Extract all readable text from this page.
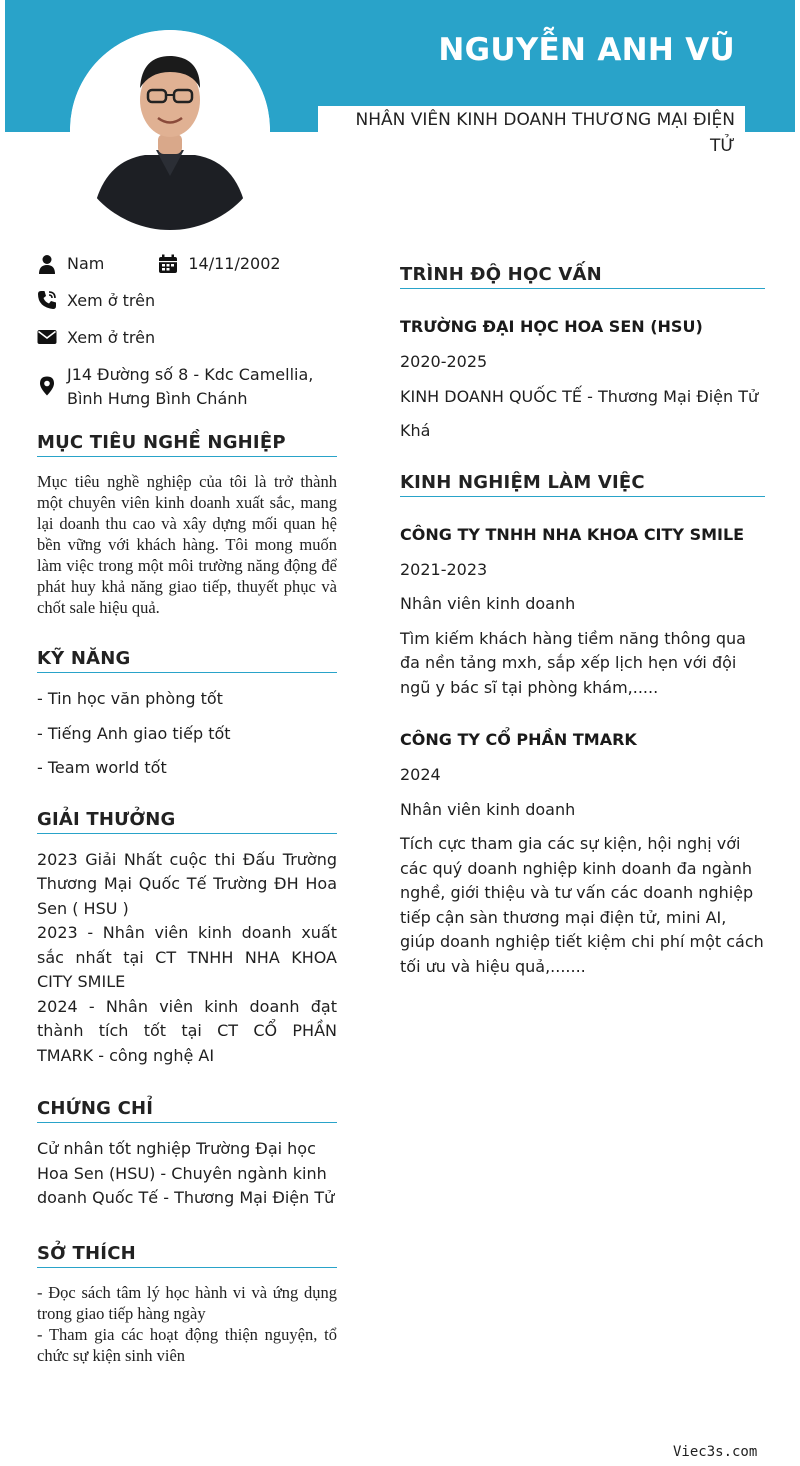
NGUYỄN ANH VŨ
NHÂN VIÊN KINH DOANH THƯƠNG MẠI ĐIỆN TỬ
Nam	14/11/2002
Xem ở trên
Xem ở trên
J14 Đường số 8 - Kdc Camellia, Bình Hưng Bình Chánh
MỤC TIÊU NGHỀ NGHIỆP
Mục tiêu nghề nghiệp của tôi là trở thành một chuyên viên kinh doanh xuất sắc, mang lại doanh thu cao và xây dựng mối quan hệ bền vững với khách hàng. Tôi mong muốn làm việc trong một môi trường năng động để phát huy khả năng giao tiếp, thuyết phục và chốt sale hiệu quả.
KỸ NĂNG
- Tin học văn phòng tốt
- Tiếng Anh giao tiếp tốt
- Team world tốt
GIẢI THƯỞNG
2023 Giải Nhất cuộc thi Đấu Trường Thương Mại Quốc Tế Trường ĐH Hoa Sen ( HSU )
2023 - Nhân viên kinh doanh xuất sắc nhất tại CT TNHH NHA KHOA CITY SMILE
2024 - Nhân viên kinh doanh đạt thành tích tốt tại CT CỔ PHẦN TMARK - công nghệ AI
CHỨNG CHỈ
Cử nhân tốt nghiệp Trường Đại học Hoa Sen (HSU) - Chuyên ngành kinh doanh Quốc Tế - Thương Mại Điện Tử
SỞ THÍCH
- Đọc sách tâm lý học hành vi và ứng dụng trong giao tiếp hàng ngày
- Tham gia các hoạt động thiện nguyện, tổ chức sự kiện sinh viên
TRÌNH ĐỘ HỌC VẤN
TRƯỜNG ĐẠI HỌC HOA SEN (HSU)
2020-2025
KINH DOANH QUỐC TẾ - Thương Mại Điện Tử
Khá
KINH NGHIỆM LÀM VIỆC
CÔNG TY TNHH NHA KHOA CITY SMILE
2021-2023
Nhân viên kinh doanh
Tìm kiếm khách hàng tiềm năng thông qua đa nền tảng mxh, sắp xếp lịch hẹn với đội ngũ y bác sĩ tại phòng khám,.....
CÔNG TY CỔ PHẦN TMARK
2024
Nhân viên kinh doanh
Tích cực tham gia các sự kiện, hội nghị với các quý doanh nghiệp kinh doanh đa ngành nghề, giới thiệu và tư vấn các doanh nghiệp tiếp cận sàn thương mại điện tử, mini AI, giúp doanh nghiệp tiết kiệm chi phí một cách tối ưu và hiệu quả,.......
Viec3s.com
